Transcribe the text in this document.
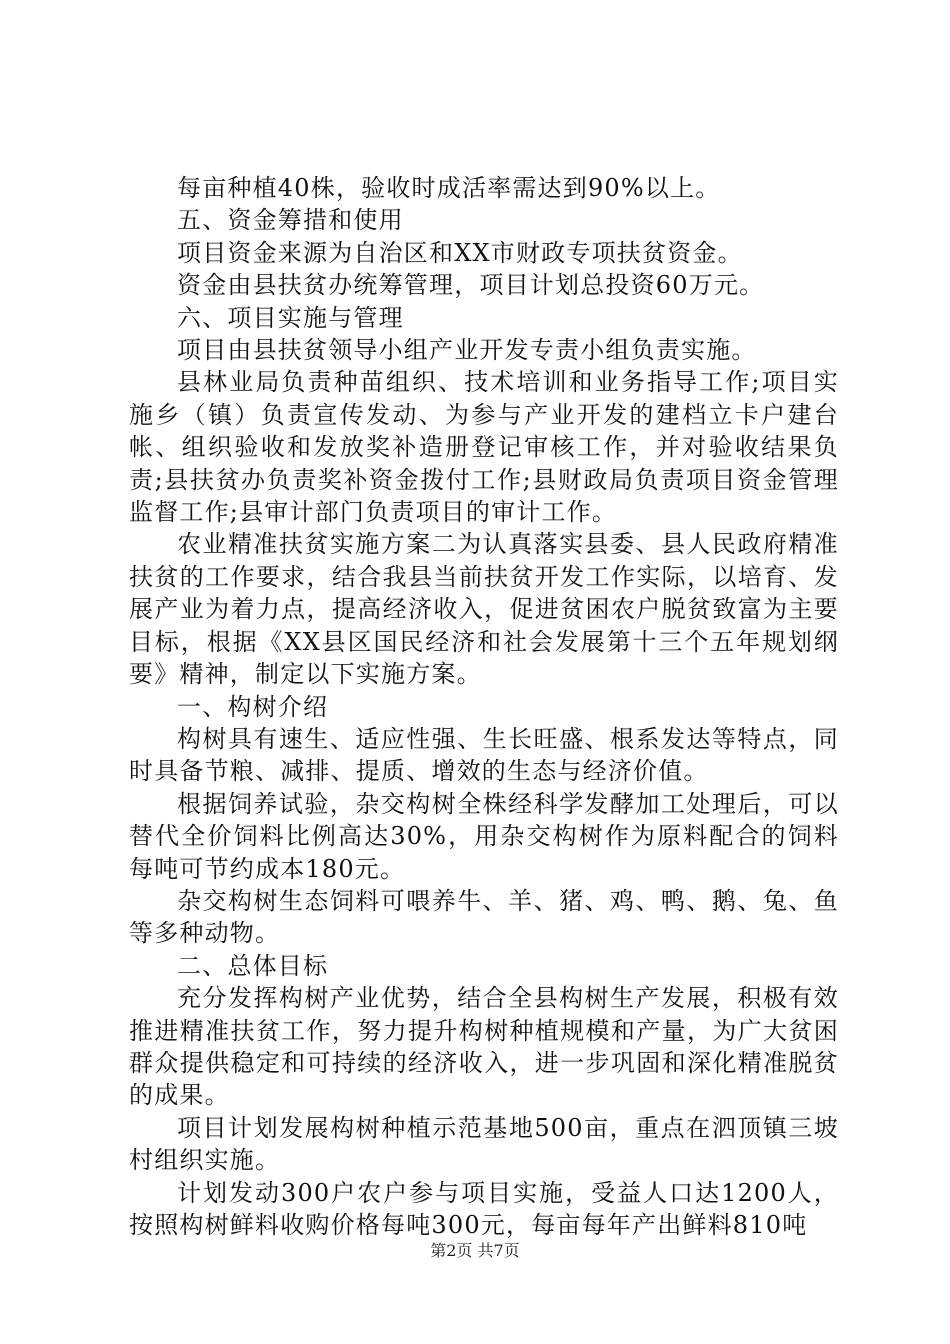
每亩种植40株，验收时成活率需达到90%以上。

五、资金筹措和使用

项目资金来源为自治区和XX市财政专项扶贫资金。

资金由县扶贫办统筹管理，项目计划总投资60万元。

六、项目实施与管理

项目由县扶贫领导小组产业开发专责小组负责实施。

县林业局负责种苗组织、技术培训和业务指导工作;项目实施乡（镇）负责宣传发动、为参与产业开发的建档立卡户建台帐、组织验收和发放奖补造册登记审核工作，并对验收结果负责;县扶贫办负责奖补资金拨付工作;县财政局负责项目资金管理监督工作;县审计部门负责项目的审计工作。

农业精准扶贫实施方案二为认真落实县委、县人民政府精准扶贫的工作要求，结合我县当前扶贫开发工作实际，以培育、发展产业为着力点，提高经济收入，促进贫困农户脱贫致富为主要目标，根据《XX县区国民经济和社会发展第十三个五年规划纲要》精神，制定以下实施方案。

一、构树介绍

构树具有速生、适应性强、生长旺盛、根系发达等特点，同时具备节粮、减排、提质、增效的生态与经济价值。

根据饲养试验，杂交构树全株经科学发酵加工处理后，可以替代全价饲料比例高达30%，用杂交构树作为原料配合的饲料每吨可节约成本180元。

杂交构树生态饲料可喂养牛、羊、猪、鸡、鸭、鹅、兔、鱼等多种动物。

二、总体目标

充分发挥构树产业优势，结合全县构树生产发展，积极有效推进精准扶贫工作，努力提升构树种植规模和产量，为广大贫困群众提供稳定和可持续的经济收入，进一步巩固和深化精准脱贫的成果。

项目计划发展构树种植示范基地500亩，重点在泗顶镇三坡村组织实施。

计划发动300户农户参与项目实施，受益人口达1200人，按照构树鲜料收购价格每吨300元，每亩每年产出鲜料810吨

第2页 共7页
